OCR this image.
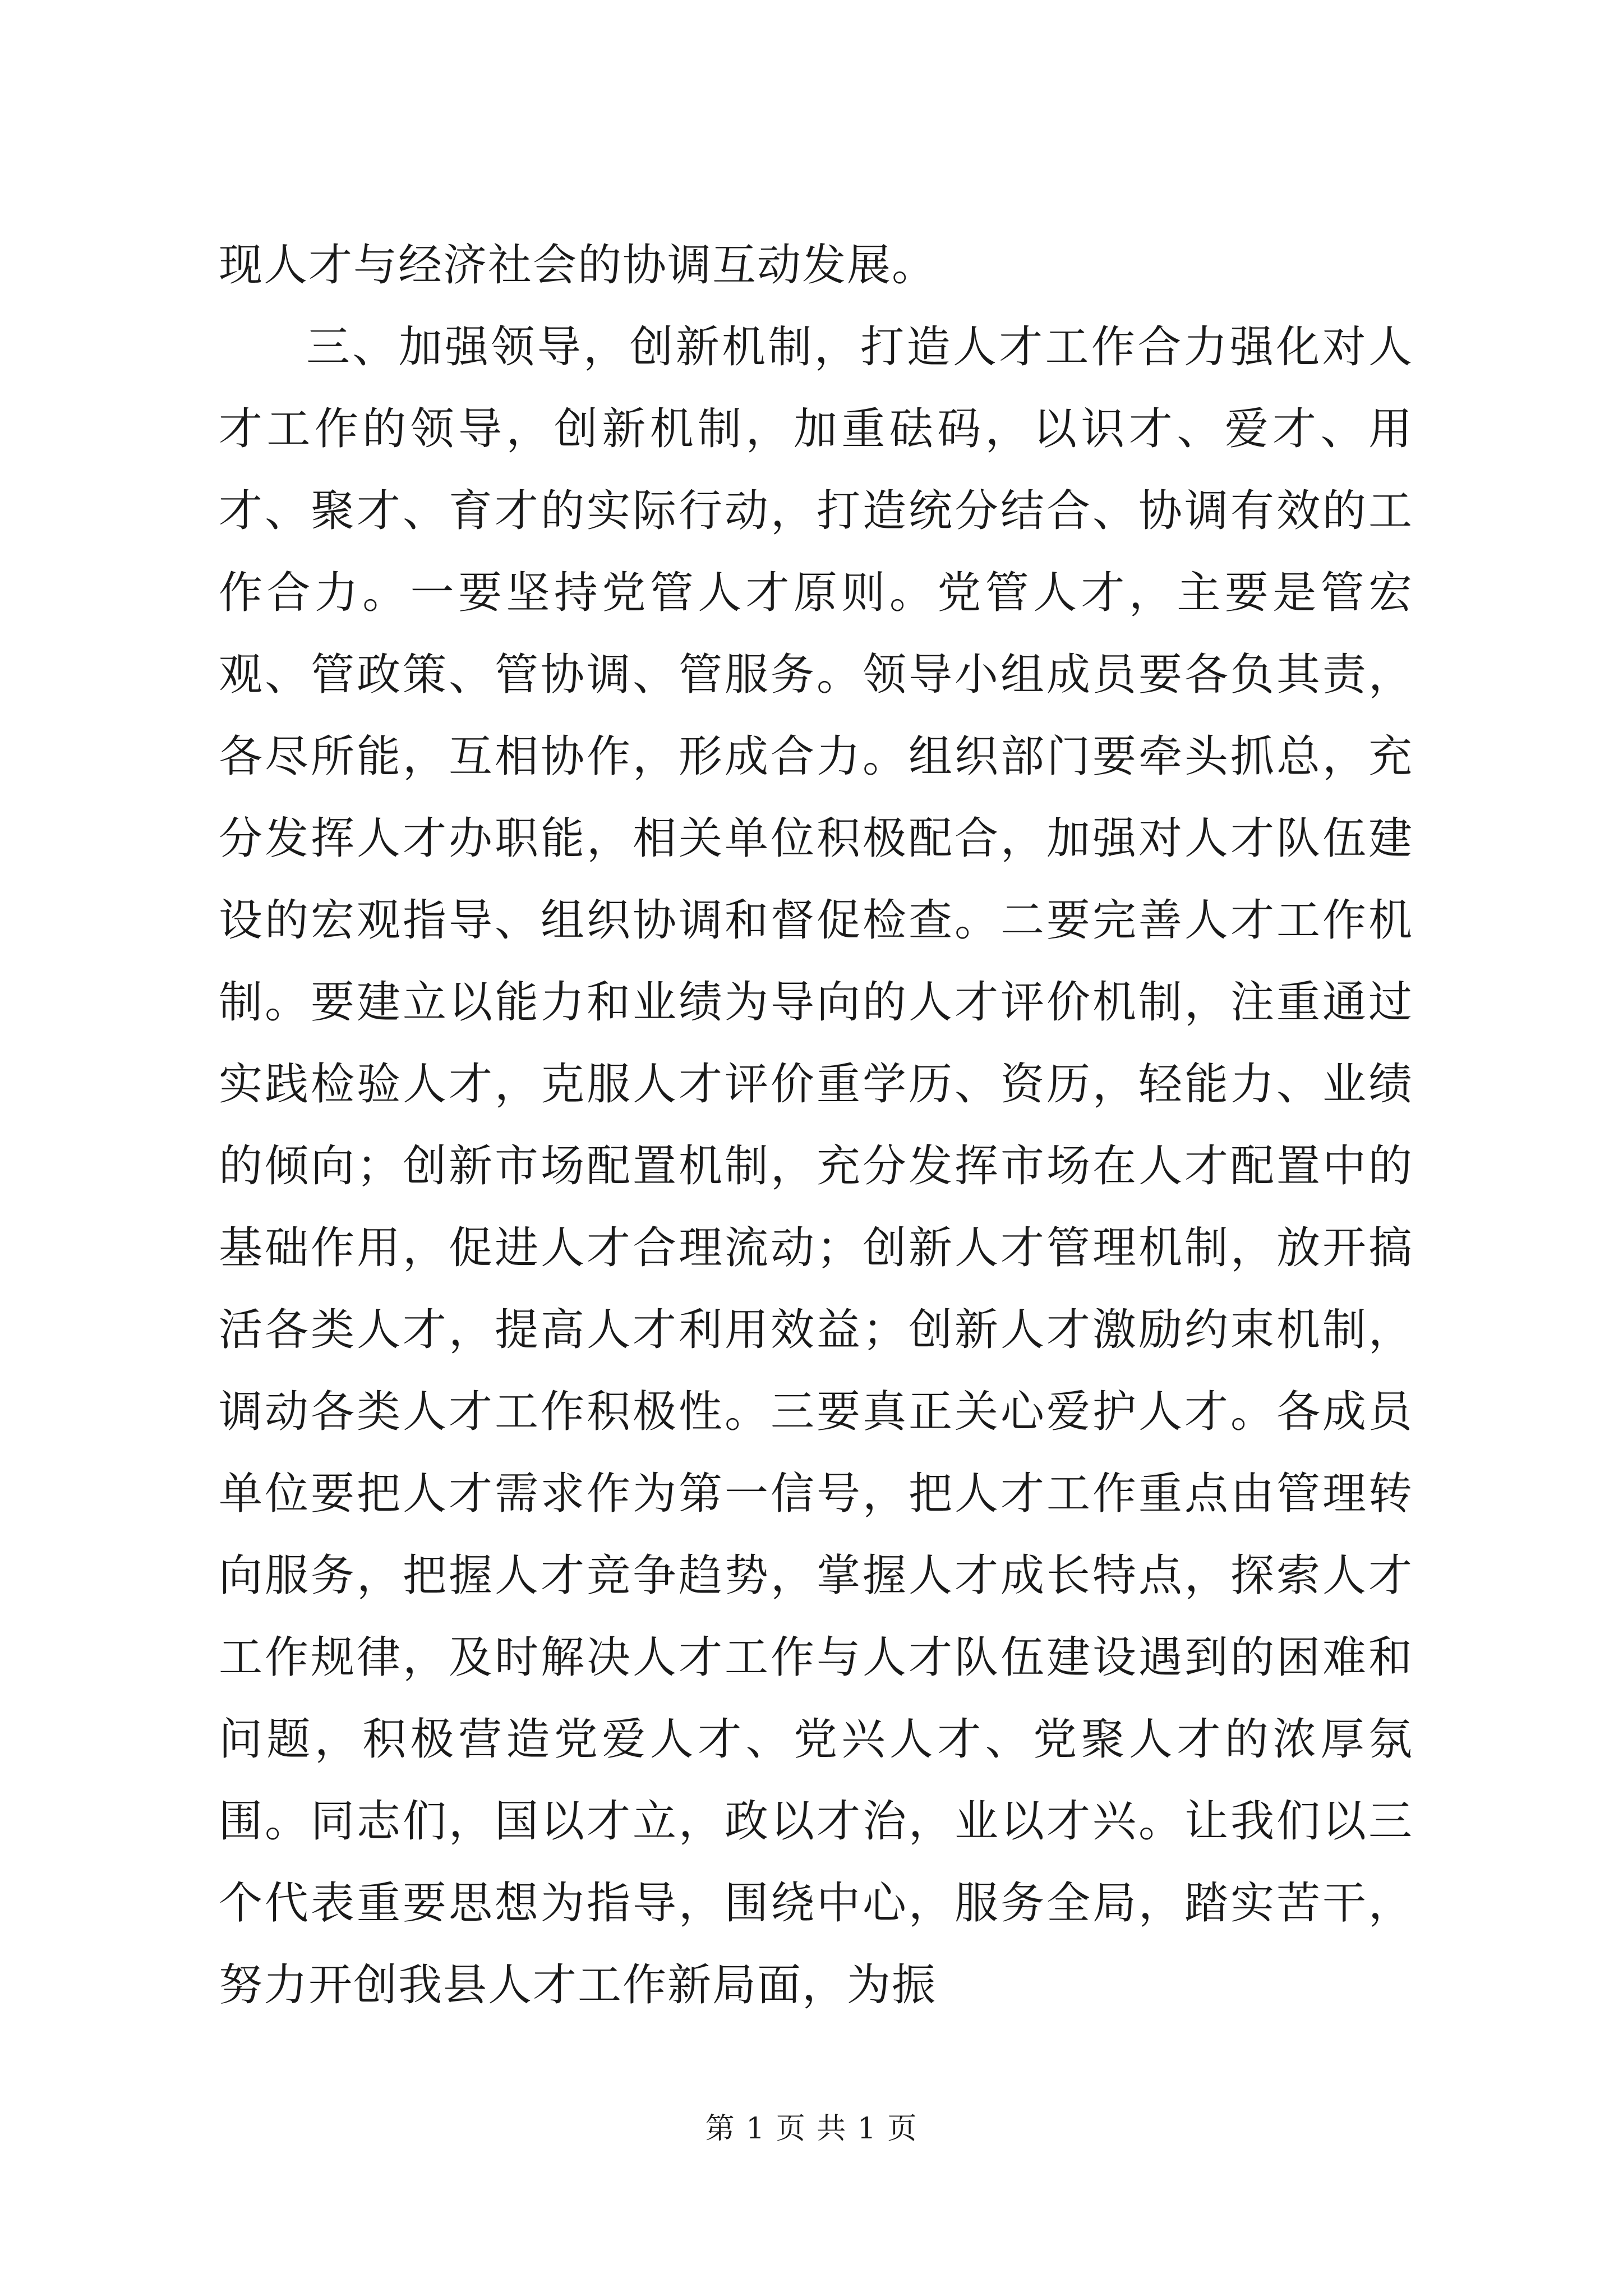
现人才与经济社会的协调互动发展。

三、加强领导，创新机制，打造人才工作合力强化对人才工作的领导，创新机制，加重砝码，以识才、爱才、用才、聚才、育才的实际行动，打造统分结合、协调有效的工作合力。一要坚持党管人才原则。党管人才，主要是管宏观、管政策、管协调、管服务。领导小组成员要各负其责，各尽所能，互相协作，形成合力。组织部门要牵头抓总，充分发挥人才办职能，相关单位积极配合，加强对人才队伍建设的宏观指导、组织协调和督促检查。二要完善人才工作机制。要建立以能力和业绩为导向的人才评价机制，注重通过实践检验人才，克服人才评价重学历、资历，轻能力、业绩的倾向；创新市场配置机制，充分发挥市场在人才配置中的基础作用，促进人才合理流动；创新人才管理机制，放开搞活各类人才，提高人才利用效益；创新人才激励约束机制，调动各类人才工作积极性。三要真正关心爱护人才。各成员单位要把人才需求作为第一信号，把人才工作重点由管理转向服务，把握人才竞争趋势，掌握人才成长特点，探索人才工作规律，及时解决人才工作与人才队伍建设遇到的困难和问题，积极营造党爱人才、党兴人才、党聚人才的浓厚氛围。同志们，国以才立，政以才治，业以才兴。让我们以三个代表重要思想为指导，围绕中心，服务全局，踏实苦干，努力开创我县人才工作新局面，为振

第 1 页 共 1 页
